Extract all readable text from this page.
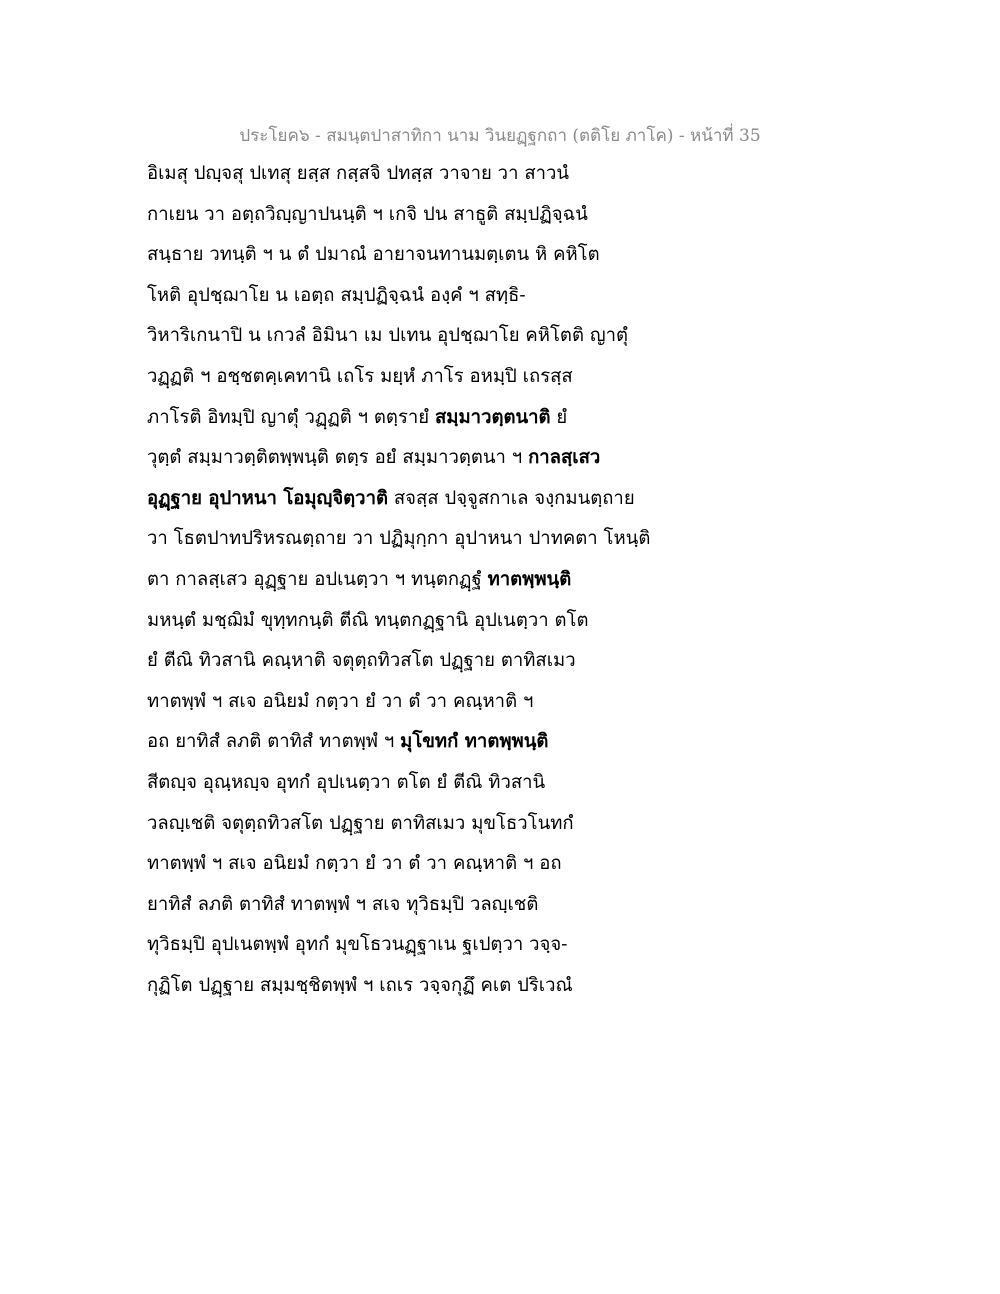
ประโยค๖ - สมนฺตปาสาทิกา นาม วินยฏฺฐกถา (ตติโย ภาโค) - หน้าที่ 35
อิเมสุ ปญฺจสุ ปเทสุ ยสฺส กสฺสจิ ปทสฺส วาจาย วา สาวนํ
กาเยน วา อตฺถวิญฺญาปนนฺติ ฯ เกจิ ปน สาธูติ สมฺปฏิจฺฉนํ
สนฺธาย วทนฺติ ฯ น ตํ ปมาณํ อายาจนทานมตฺเตน หิ คหิโต
โหติ อุปชฺฌาโย น เอตฺถ สมฺปฏิจฺฉนํ องฺคํ ฯ สทฺธิ-
วิหาริเกนาปิ น เกวลํ อิมินา เม ปเทน อุปชฺฌาโย คหิโตติ ญาตุํ
วฏฺฏติ ฯ อชฺชตคฺเคทานิ เถโร มยฺหํ ภาโร อหมฺปิ เถรสฺส
ภาโรติ อิทมฺปิ ญาตุํ วฏฺฏติ ฯ ตตฺรายํ สมฺมาวตฺตนาติ ยํ
วุตฺตํ สมฺมาวตฺติตพฺพนฺติ ตตฺร อยํ สมฺมาวตฺตนา ฯ กาลสฺเสว
อุฏฺฐาย อุปาหนา โอมุญฺจิตฺวาติ สจสฺส ปจฺจูสกาเล จงฺกมนตฺถาย
วา โธตปาทปริหรณตฺถาย วา ปฏิมุกฺกา อุปาหนา ปาทคตา โหนฺติ
ตา กาลสฺเสว อุฏฺฐาย อปเนตฺวา ฯ ทนฺตกฏฺฐํ ทาตพฺพนฺติ
มหนฺตํ มชฺฌิมํ ขุทฺทกนฺติ ตีณิ ทนฺตกฏฺฐานิ อุปเนตฺวา ตโต
ยํ ตีณิ ทิวสานิ คณฺหาติ จตุตฺถทิวสโต ปฏฺฐาย ตาทิสเมว
ทาตพฺพํ ฯ สเจ อนิยมํ กตฺวา ยํ วา ตํ วา คณฺหาติ ฯ
อถ ยาทิสํ ลภติ ตาทิสํ ทาตพฺพํ ฯ มุโขทกํ ทาตพฺพนฺติ
สีตญฺจ อุณฺหญฺจ อุทกํ อุปเนตฺวา ตโต ยํ ตีณิ ทิวสานิ
วลญฺเชติ จตุตฺถทิวสโต ปฏฺฐาย ตาทิสเมว มุขโธวโนทกํ
ทาตพฺพํ ฯ สเจ อนิยมํ กตฺวา ยํ วา ตํ วา คณฺหาติ ฯ อถ
ยาทิสํ ลภติ ตาทิสํ ทาตพฺพํ ฯ สเจ ทุวิธมฺปิ วลญฺเชติ
ทุวิธมฺปิ อุปเนตพฺพํ อุทกํ มุขโธวนฏฺฐาเน ฐเปตฺวา วจฺจ-
กุฏิโต ปฏฺฐาย สมฺมชฺชิตพฺพํ ฯ เถเร วจฺจกุฏึ คเต ปริเวณํ
